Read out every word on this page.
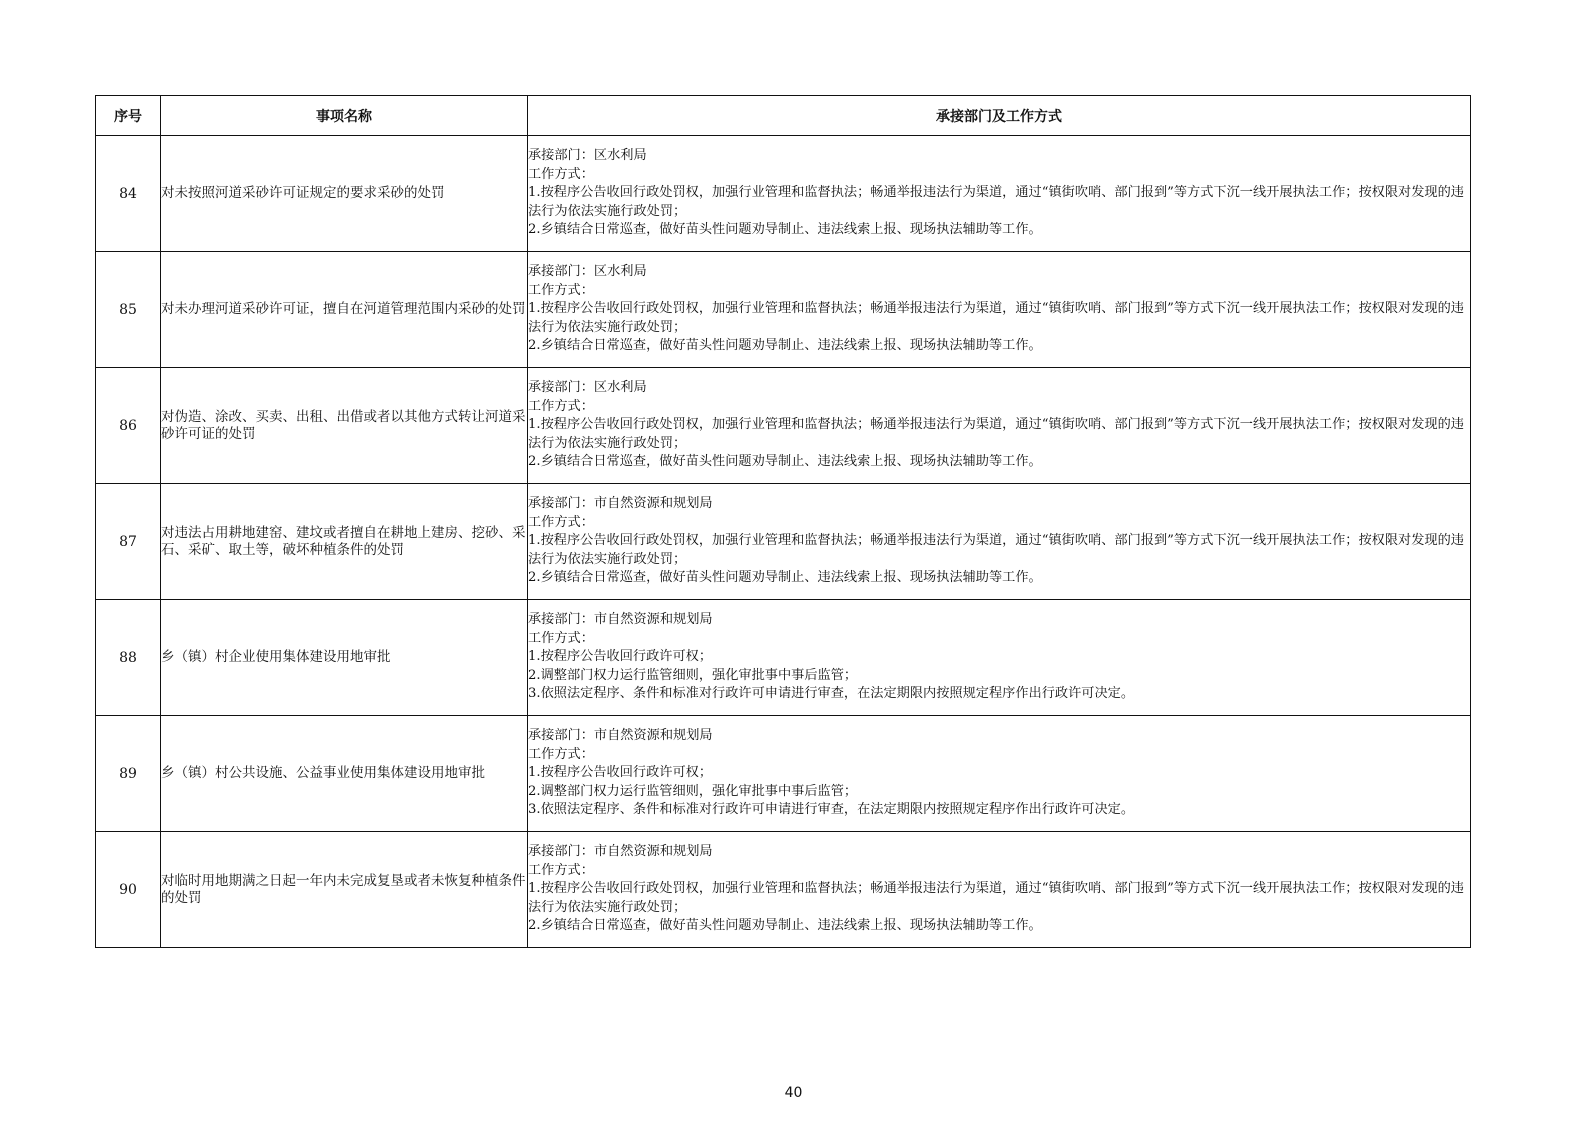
序号	事项名称	承接部门及工作方式
84	对未按照河道采砂许可证规定的要求采砂的处罚	承接部门：区水利局
工作方式：
1.按程序公告收回行政处罚权，加强行业管理和监督执法；畅通举报违法行为渠道，通过“镇街吹哨、部门报到”等方式下沉一线开展执法工作；按权限对发现的违法行为依法实施行政处罚；
2.乡镇结合日常巡查，做好苗头性问题劝导制止、违法线索上报、现场执法辅助等工作。

85	对未办理河道采砂许可证，擅自在河道管理范围内采砂的处罚	承接部门：区水利局
工作方式：
1.按程序公告收回行政处罚权，加强行业管理和监督执法；畅通举报违法行为渠道，通过“镇街吹哨、部门报到”等方式下沉一线开展执法工作；按权限对发现的违法行为依法实施行政处罚；
2.乡镇结合日常巡查，做好苗头性问题劝导制止、违法线索上报、现场执法辅助等工作。

86	对伪造、涂改、买卖、出租、出借或者以其他方式转让河道采砂许可证的处罚	承接部门：区水利局
工作方式：
1.按程序公告收回行政处罚权，加强行业管理和监督执法；畅通举报违法行为渠道，通过“镇街吹哨、部门报到”等方式下沉一线开展执法工作；按权限对发现的违法行为依法实施行政处罚；
2.乡镇结合日常巡查，做好苗头性问题劝导制止、违法线索上报、现场执法辅助等工作。

87	对违法占用耕地建窑、建坟或者擅自在耕地上建房、挖砂、采石、采矿、取土等，破坏种植条件的处罚	承接部门：市自然资源和规划局
工作方式：
1.按程序公告收回行政处罚权，加强行业管理和监督执法；畅通举报违法行为渠道，通过“镇街吹哨、部门报到”等方式下沉一线开展执法工作；按权限对发现的违法行为依法实施行政处罚；
2.乡镇结合日常巡查，做好苗头性问题劝导制止、违法线索上报、现场执法辅助等工作。

88	乡（镇）村企业使用集体建设用地审批	承接部门：市自然资源和规划局
工作方式：
1.按程序公告收回行政许可权；
2.调整部门权力运行监管细则，强化审批事中事后监管；
3.依照法定程序、条件和标准对行政许可申请进行审查，在法定期限内按照规定程序作出行政许可决定。

89	乡（镇）村公共设施、公益事业使用集体建设用地审批	承接部门：市自然资源和规划局
工作方式：
1.按程序公告收回行政许可权；
2.调整部门权力运行监管细则，强化审批事中事后监管；
3.依照法定程序、条件和标准对行政许可申请进行审查，在法定期限内按照规定程序作出行政许可决定。

90	对临时用地期满之日起一年内未完成复垦或者未恢复种植条件的处罚	承接部门：市自然资源和规划局
工作方式：
1.按程序公告收回行政处罚权，加强行业管理和监督执法；畅通举报违法行为渠道，通过“镇街吹哨、部门报到”等方式下沉一线开展执法工作；按权限对发现的违法行为依法实施行政处罚；
2.乡镇结合日常巡查，做好苗头性问题劝导制止、违法线索上报、现场执法辅助等工作。
40
